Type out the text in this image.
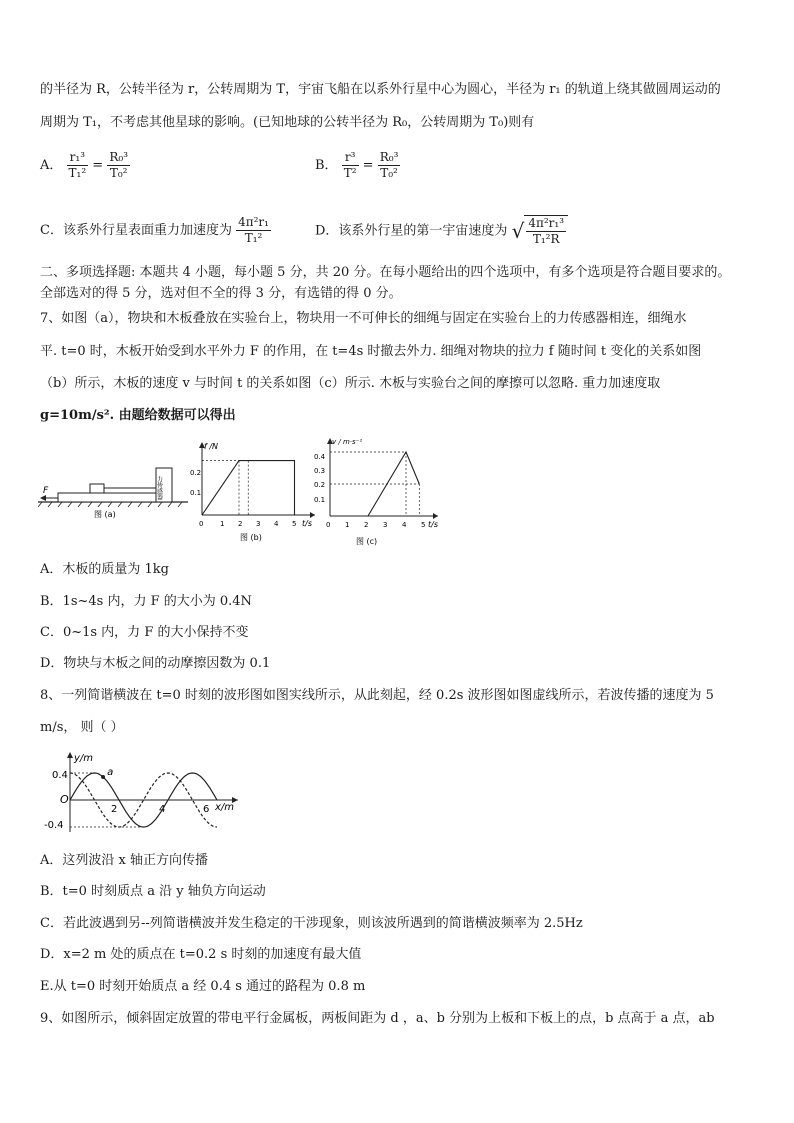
的半径为 R，公转半径为 r，公转周期为 T，宇宙飞船在以系外行星中心为圆心，半径为 r₁ 的轨道上绕其做圆周运动的
周期为 T₁，不考虑其他星球的影响。(已知地球的公转半径为 R₀，公转周期为 T₀)则有
A． $\frac{\text{r₁³}}{\text{T₁²}} = \frac{\text{R₀³}}{\text{T₀²}}$	B． $\frac{\text{r³}}{\text{T²}} = \frac{\text{R₀³}}{\text{T₀²}}$
C．该系外行星表面重力加速度为 $\frac{\text{4π²r₁}}{\text{T₁²}}$	D．该系外行星的第一宇宙速度为 √ $\frac{\text{4π²r₁³}}{\text{T₁²R}}$
二、多项选择题: 本题共 4 小题，每小题 5 分，共 20 分。在每小题给出的四个选项中，有多个选项是符合题目要求的。
全部选对的得 5 分，选对但不全的得 3 分，有选错的得 0 分。
7、如图（a），物块和木板叠放在实验台上，物块用一不可伸长的细绳与固定在实验台上的力传感器相连，细绳水
平. t=0 时，木板开始受到水平外力 F 的作用，在 t=4s 时撤去外力. 细绳对物块的拉力 f 随时间 t 变化的关系如图
（b）所示，木板的速度 v 与时间 t 的关系如图（c）所示. 木板与实验台之间的摩擦可以忽略. 重力加速度取
g=10m/s². 由题给数据可以得出
力传感器
F
图 (a)
f /N
t/s
0.2
0.1
0 1 2 3 4 5
图 (b)
v / m·s⁻¹
t/s
0.4
0.3
0.2
0.1
0 1 2 3 4 5
图 (c)
A．木板的质量为 1kg
B．1s~4s 内，力 F 的大小为 0.4N
C．0~1s 内，力 F 的大小保持不变
D．物块与木板之间的动摩擦因数为 0.1
8、一列简谐横波在 t=0 时刻的波形图如图实线所示，从此刻起，经 0.2s 波形图如图虚线所示，若波传播的速度为 5
m/s， 则（ ）
y/m
x/m
0.4
-0.4
O
2	4	6
a
A．这列波沿 x 轴正方向传播
B．t=0 时刻质点 a 沿 y 轴负方向运动
C．若此波遇到另--列简谐横波并发生稳定的干涉现象，则该波所遇到的简谐横波频率为 2.5Hz
D．x=2 m 处的质点在 t=0.2 s 时刻的加速度有最大值
E.从 t=0 时刻开始质点 a 经 0.4 s 通过的路程为 0.8 m
9、如图所示，倾斜固定放置的带电平行金属板，两板间距为 d ，a、b 分别为上板和下板上的点，b 点高于 a 点，ab
